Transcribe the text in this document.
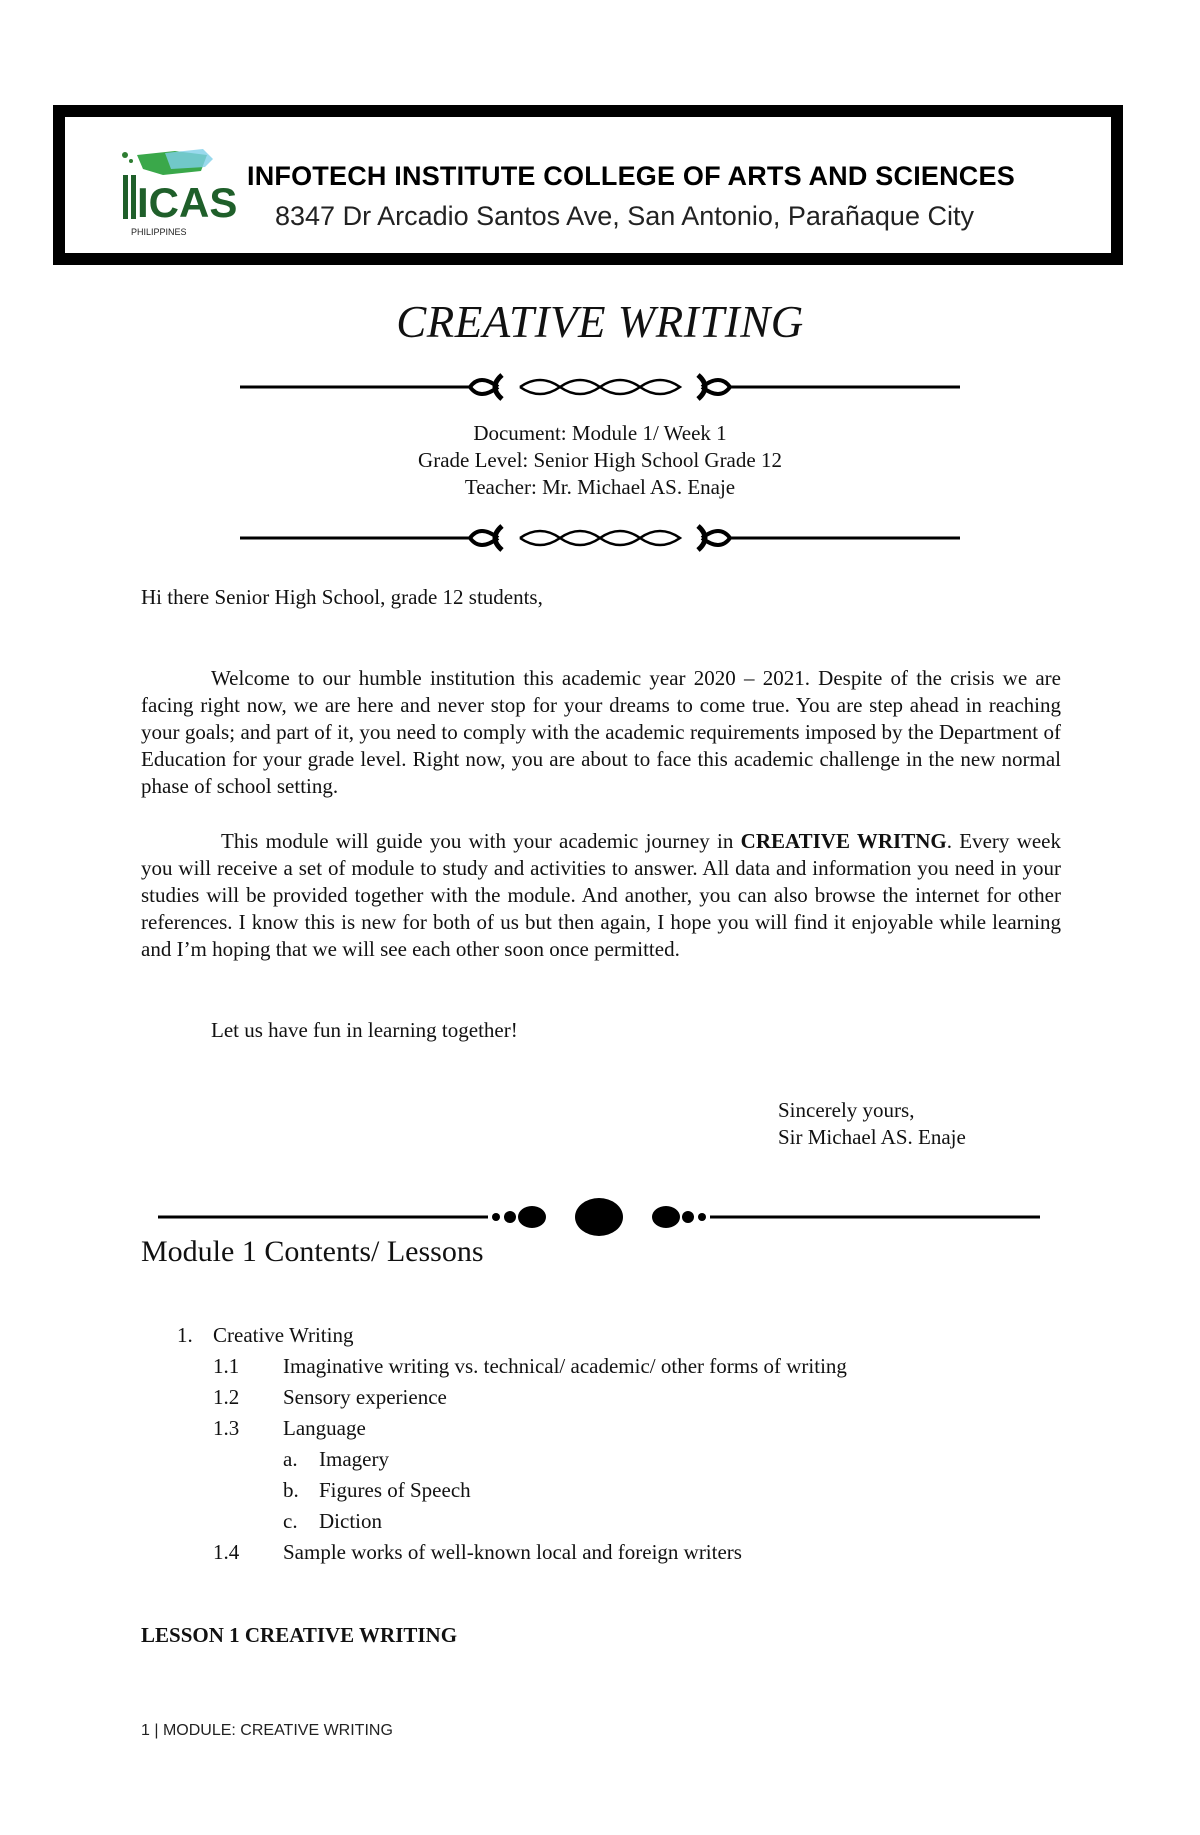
ICAS
PHILIPPINES
INFOTECH INSTITUTE COLLEGE OF ARTS AND SCIENCES
8347 Dr Arcadio Santos Ave, San Antonio, Parañaque City
CREATIVE WRITING
Document: Module 1/ Week 1
Grade Level: Senior High School Grade 12
Teacher: Mr. Michael AS. Enaje
Hi there Senior High School, grade 12 students,
Welcome to our humble institution this academic year 2020 – 2021. Despite of the crisis we are facing right now, we are here and never stop for your dreams to come true. You are step ahead in reaching your goals; and part of it, you need to comply with the academic requirements imposed by the Department of Education for your grade level. Right now, you are about to face this academic challenge in the new normal phase of school setting.
This module will guide you with your academic journey in CREATIVE WRITNG. Every week you will receive a set of module to study and activities to answer. All data and information you need in your studies will be provided together with the module. And another, you can also browse the internet for other references. I know this is new for both of us but then again, I hope you will find it enjoyable while learning and I’m hoping that we will see each other soon once permitted.
Let us have fun in learning together!
Sincerely yours,
Sir Michael AS. Enaje
Module 1 Contents/ Lessons
1. Creative Writing
1.1 Imaginative writing vs. technical/ academic/ other forms of writing
1.2 Sensory experience
1.3 Language
a. Imagery
b. Figures of Speech
c. Diction
1.4 Sample works of well-known local and foreign writers
LESSON 1 CREATIVE WRITING
1 | MODULE: CREATIVE WRITING
